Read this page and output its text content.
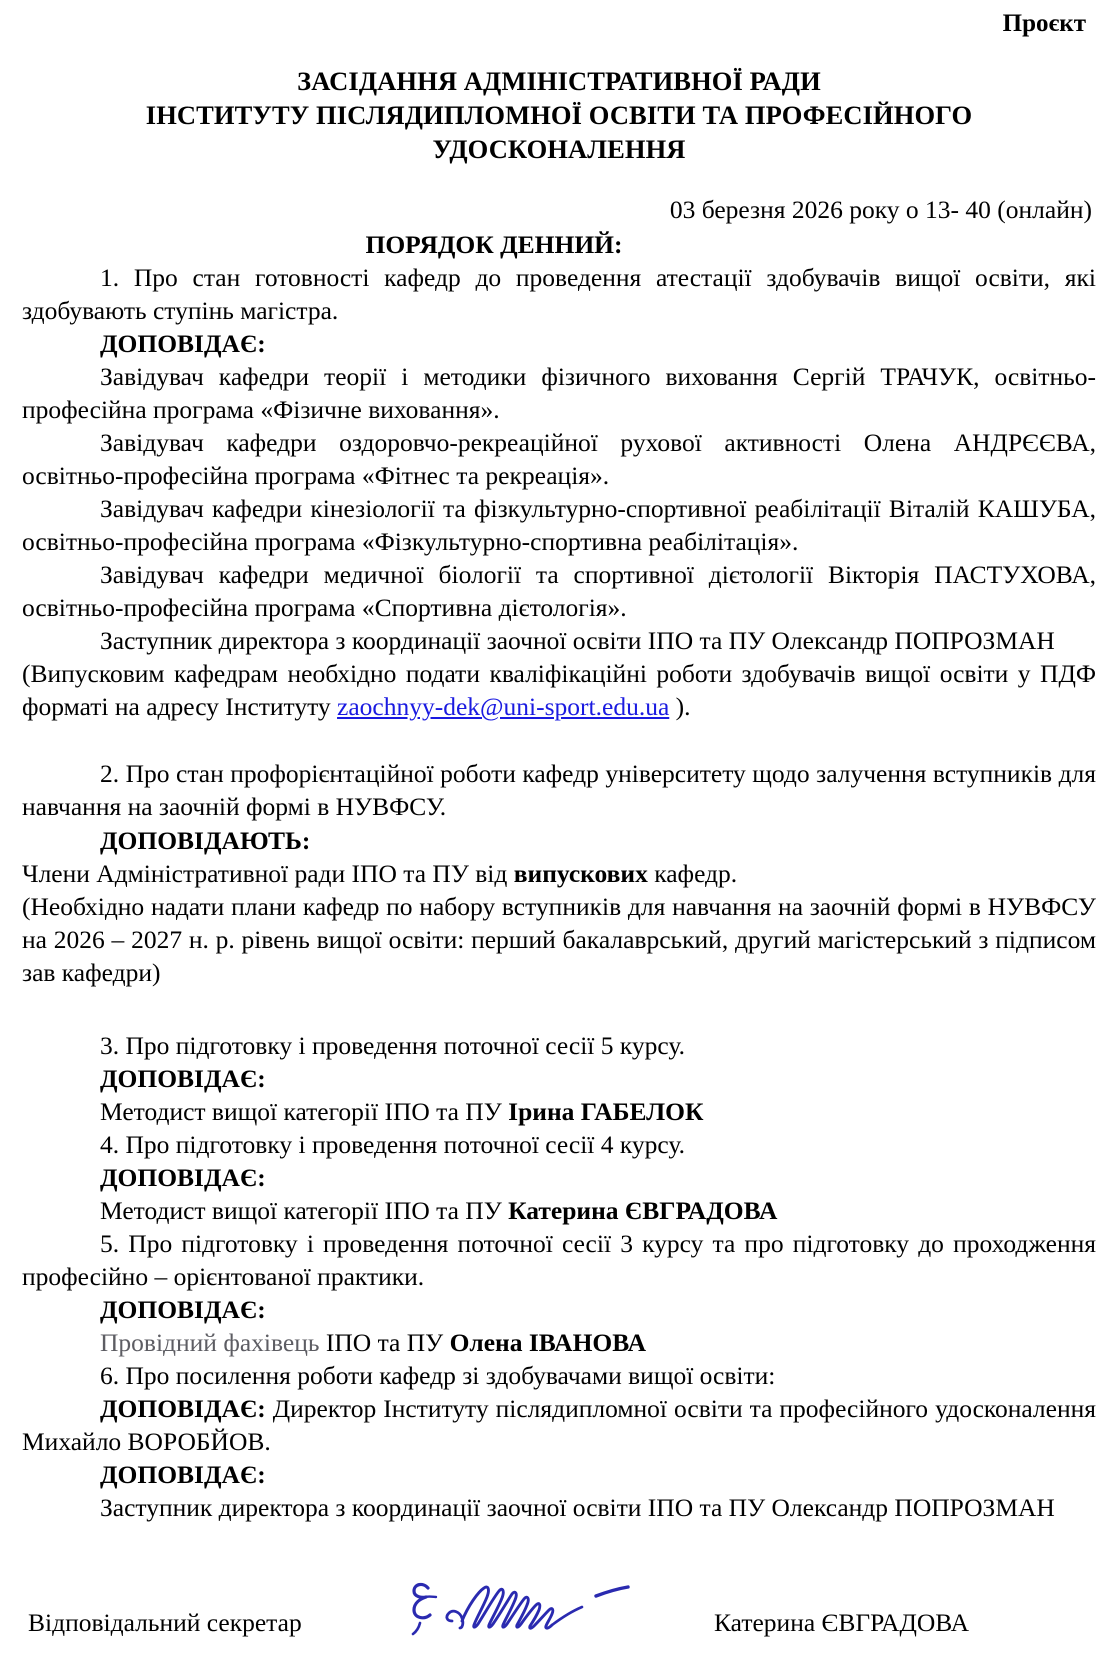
Проєкт
ЗАСІДАННЯ АДМІНІСТРАТИВНОЇ РАДИ
ІНСТИТУТУ ПІСЛЯДИПЛОМНОЇ ОСВІТИ ТА ПРОФЕСІЙНОГО УДОСКОНАЛЕННЯ
03 березня 2026 року о 13- 40 (онлайн)
ПОРЯДОК ДЕННИЙ:

1. Про стан готовності кафедр до проведення атестації здобувачів вищої освіти, які здобувають ступінь магістра.

ДОПОВІДАЄ:

Завідувач кафедри теорії і методики фізичного виховання Сергій ТРАЧУК, освітньо-професійна програма «Фізичне виховання».

Завідувач кафедри оздоровчо-рекреаційної рухової активності Олена АНДРЄЄВА, освітньо-професійна програма «Фітнес та рекреація».

Завідувач кафедри кінезіології та фізкультурно-спортивної реабілітації Віталій КАШУБА, освітньо-професійна програма «Фізкультурно-спортивна реабілітація».

Завідувач кафедри медичної біології та спортивної дієтології Вікторія ПАСТУХОВА, освітньо-професійна програма «Спортивна дієтологія».

Заступник директора з координації заочної освіти ІПО та ПУ Олександр ПОПРОЗМАН

(Випусковим кафедрам необхідно подати кваліфікаційні роботи здобувачів вищої освіти у ПДФ форматі на адресу Інституту zaochnyy-dek@uni-sport.edu.ua ).

2. Про стан профорієнтаційної роботи кафедр університету щодо залучення вступників для навчання на заочній формі в НУВФСУ.

ДОПОВІДАЮТЬ:

Члени Адміністративної ради ІПО та ПУ від випускових кафедр.

(Необхідно надати плани кафедр по набору вступників для навчання на заочній формі в НУВФСУ на 2026 – 2027 н. р. рівень вищої освіти: перший бакалаврський, другий магістерський з підписом зав кафедри)

3. Про підготовку і проведення поточної сесії 5 курсу.

ДОПОВІДАЄ:

Методист вищої категорії ІПО та ПУ Ірина ГАБЕЛОК

4. Про підготовку і проведення поточної сесії 4 курсу.

ДОПОВІДАЄ:

Методист вищої категорії ІПО та ПУ Катерина ЄВГРАДОВА

5. Про підготовку і проведення поточної сесії 3 курсу та про підготовку до проходження професійно – орієнтованої практики.

ДОПОВІДАЄ:

Провідний фахівець ІПО та ПУ Олена ІВАНОВА

6. Про посилення роботи кафедр зі здобувачами вищої освіти:

ДОПОВІДАЄ: Директор Інституту післядипломної освіти та професійного удосконалення Михайло ВОРОБЙОВ.

ДОПОВІДАЄ:

Заступник директора з координації заочної освіти ІПО та ПУ Олександр ПОПРОЗМАН

Відповідальний секретар	Катерина ЄВГРАДОВА
